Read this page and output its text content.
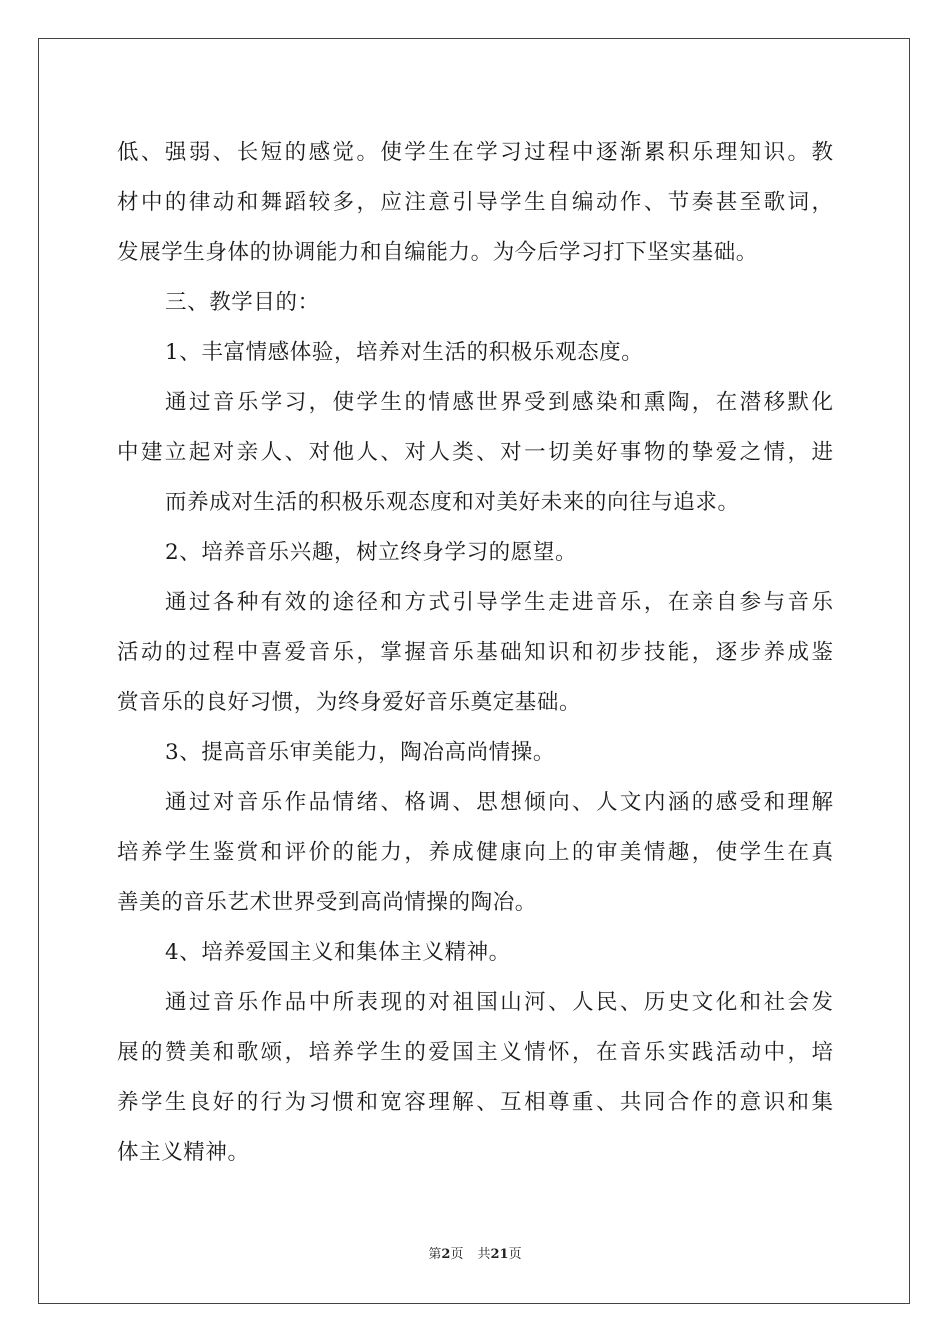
低、强弱、长短的感觉。使学生在学习过程中逐渐累积乐理知识。教
材中的律动和舞蹈较多，应注意引导学生自编动作、节奏甚至歌词，
发展学生身体的协调能力和自编能力。为今后学习打下坚实基础。
三、教学目的：
1、丰富情感体验，培养对生活的积极乐观态度。
通过音乐学习，使学生的情感世界受到感染和熏陶，在潜移默化
中建立起对亲人、对他人、对人类、对一切美好事物的挚爱之情，进
而养成对生活的积极乐观态度和对美好未来的向往与追求。
2、培养音乐兴趣，树立终身学习的愿望。
通过各种有效的途径和方式引导学生走进音乐，在亲自参与音乐
活动的过程中喜爱音乐，掌握音乐基础知识和初步技能，逐步养成鉴
赏音乐的良好习惯，为终身爱好音乐奠定基础。
3、提高音乐审美能力，陶冶高尚情操。
通过对音乐作品情绪、格调、思想倾向、人文内涵的感受和理解
培养学生鉴赏和评价的能力，养成健康向上的审美情趣，使学生在真
善美的音乐艺术世界受到高尚情操的陶冶。
4、培养爱国主义和集体主义精神。
通过音乐作品中所表现的对祖国山河、人民、历史文化和社会发
展的赞美和歌颂，培养学生的爱国主义情怀，在音乐实践活动中，培
养学生良好的行为习惯和宽容理解、互相尊重、共同合作的意识和集
体主义精神。
第2页 共21页
